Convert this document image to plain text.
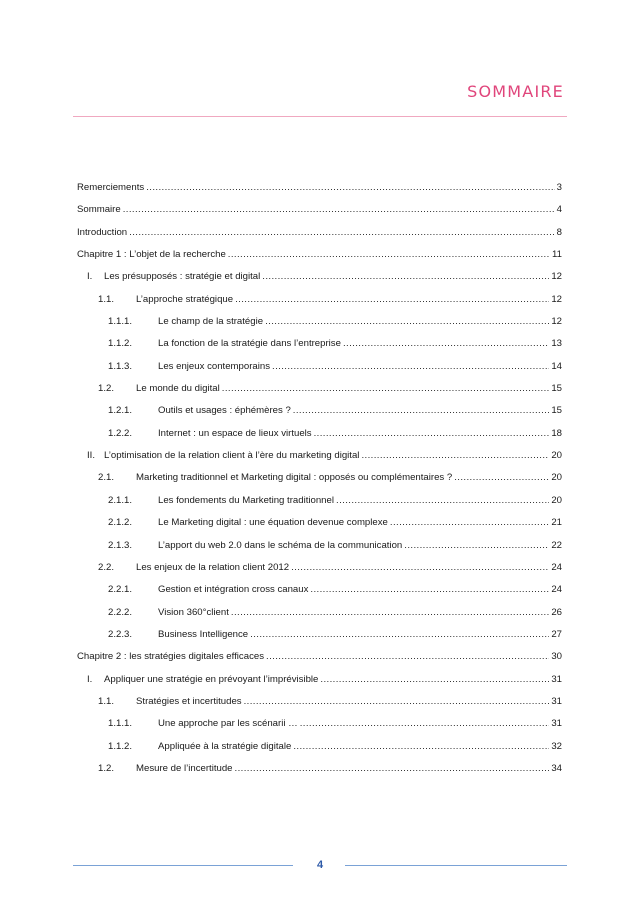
SOMMAIRE
Remerciements .....	3
Sommaire .....	4
Introduction .....	8
Chapitre 1 : L’objet de la recherche .....	11
I.	Les présupposés : stratégie et digital .....	12
1.1.	L’approche stratégique .....	12
1.1.1.	Le champ de la stratégie .....	12
1.1.2.	La fonction de la stratégie dans l’entreprise .....	13
1.1.3.	Les enjeux contemporains .....	14
1.2.	Le monde du digital .....	15
1.2.1.	Outils et usages : éphémères ? .....	15
1.2.2.	Internet : un espace de lieux virtuels .....	18
II. L’optimisation de la relation client à l’ère du marketing digital .....	20
2.1.	Marketing traditionnel et Marketing digital : opposés ou complémentaires ? .....	20
2.1.1.	Les fondements du Marketing traditionnel .....	20
2.1.2.	Le Marketing digital : une équation devenue complexe .....	21
2.1.3.	L’apport du web 2.0 dans le schéma de la communication .....	22
2.2.	Les enjeux de la relation client 2012 .....	24
2.2.1.	Gestion et intégration cross canaux .....	24
2.2.2.	Vision 360°client .....	26
2.2.3.	Business Intelligence .....	27
Chapitre 2 : les stratégies digitales efficaces .....	30
I.	Appliquer une stratégie en prévoyant l’imprévisible .....	31
1.1.	Stratégies et incertitudes .....	31
1.1.1.	Une approche par les scénarii … .....	31
1.1.2.	Appliquée à la stratégie digitale .....	32
1.2.	Mesure de l’incertitude .....	34
4
